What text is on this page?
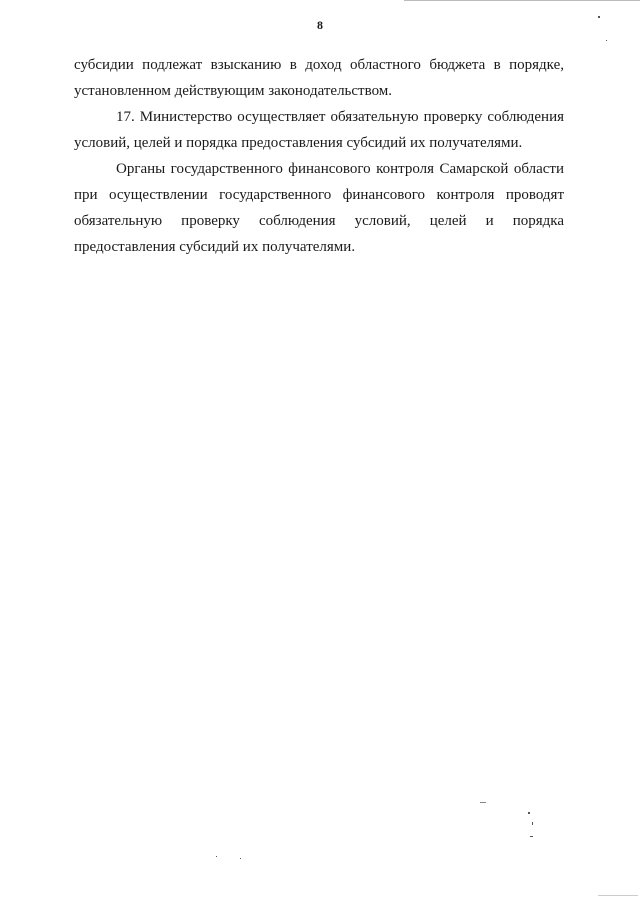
8
субсидии подлежат взысканию в доход областного бюджета в порядке,
установленном действующим законодательством.
17. Министерство осуществляет обязательную проверку соблюдения
условий, целей и порядка предоставления субсидий их получателями.
Органы государственного финансового контроля Самарской области
при осуществлении государственного финансового контроля проводят
обязательную проверку соблюдения условий, целей и порядка
предоставления субсидий их получателями.
